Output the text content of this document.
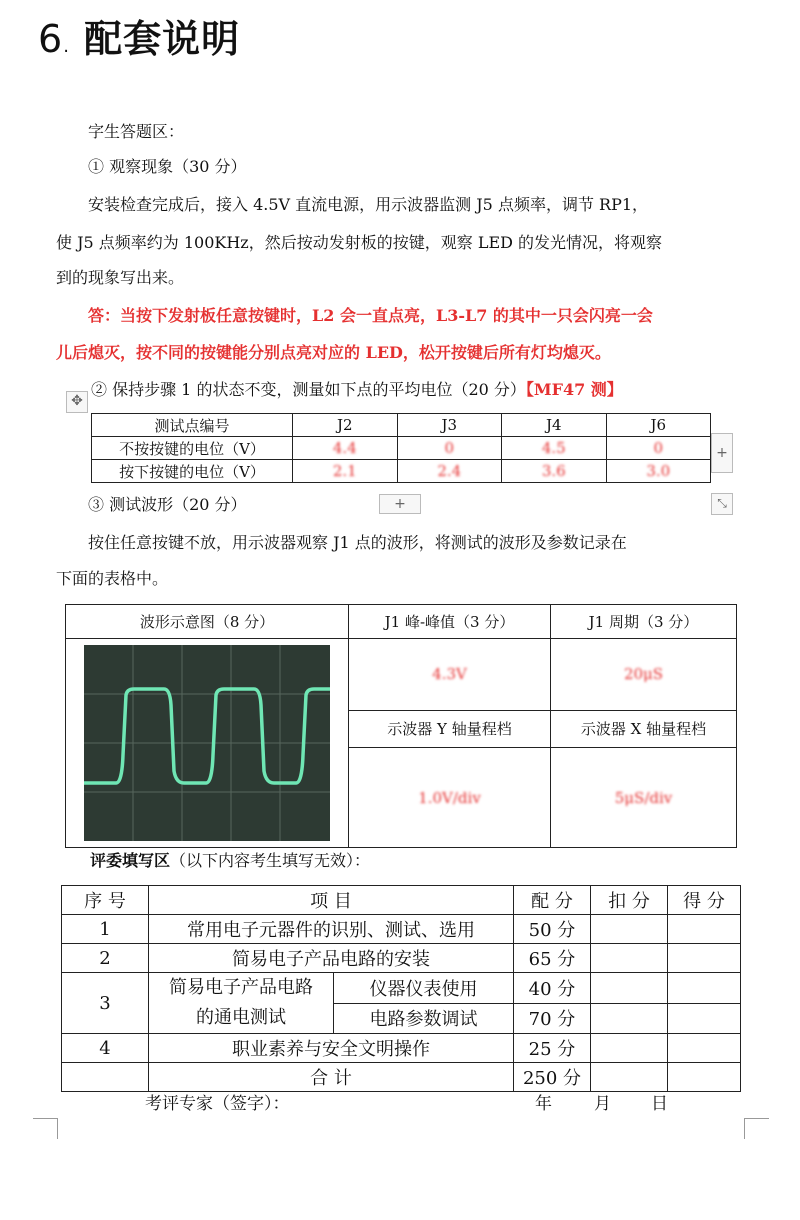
6. 配套说明
字生答题区：
① 观察现象（30 分）
安装检查完成后，接入 4.5V 直流电源，用示波器监测 J5 点频率，调节 RP1，
使 J5 点频率约为 100KHz，然后按动发射板的按键，观察 LED 的发光情况，将观察
到的现象写出来。
答：当按下发射板任意按键时，L2 会一直点亮，L3-L7 的其中一只会闪亮一会
儿后熄灭，按不同的按键能分别点亮对应的 LED，松开按键后所有灯均熄灭。
✥
② 保持步骤 1 的状态不变，测量如下点的平均电位（20 分）【MF47 测】
测试点编号	J2	J3	J4	J6
不按按键的电位（V）	4.4	0	4.5	0
按下按键的电位（V）	2.1	2.4	3.6	3.0
+
+	⤡
③ 测试波形（20 分）
按住任意按键不放，用示波器观察 J1 点的波形，将测试的波形及参数记录在
下面的表格中。
波形示意图（8 分）	J1 峰-峰值（3 分）	J1 周期（3 分）

	4.3V	20μS
	示波器 Y 轴量程档	示波器 X 轴量程档
	1.0V/div	5μS/div
评委填写区（以下内容考生填写无效）：
序 号	项 目		配 分	扣 分	得 分
1	常用电子元器件的识别、测试、选用		50 分		
2	简易电子产品电路的安装		65 分		
3	简易电子产品电路
的通电测试	仪器仪表使用	40 分		
		电路参数调试	70 分		
4	职业素养与安全文明操作		25 分		
	合 计		250 分		
考评专家（签字）：	年 月 日
